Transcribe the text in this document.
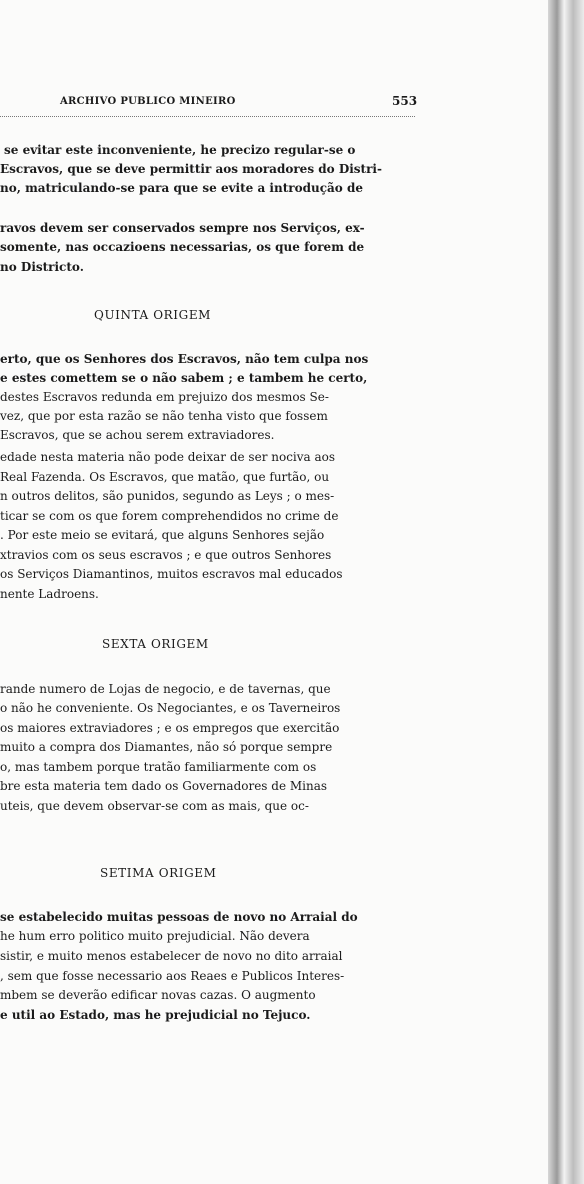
ARCHIVO PUBLICO MINEIRO	553
se evitar este inconveniente, he precizo regular-se o
Escravos, que se deve permittir aos moradores do Distri-
no, matriculando-se para que se evite a introdução de
ravos devem ser conservados sempre nos Serviços, ex-
somente, nas occazioens necessarias, os que forem de
no Districto.
QUINTA ORIGEM
erto, que os Senhores dos Escravos, não tem culpa nos
e estes comettem se o não sabem ; e tambem he certo,
destes Escravos redunda em prejuizo dos mesmos Se-
vez, que por esta razão se não tenha visto que fossem
Escravos, que se achou serem extraviadores.
edade nesta materia não pode deixar de ser nociva aos
Real Fazenda. Os Escravos, que matão, que furtão, ou
n outros delitos, são punidos, segundo as Leys ; o mes-
ticar se com os que forem comprehendidos no crime de
. Por este meio se evitará, que alguns Senhores sejão
xtravios com os seus escravos ; e que outros Senhores
os Serviços Diamantinos, muitos escravos mal educados
nente Ladroens.
SEXTA ORIGEM
rande numero de Lojas de negocio, e de tavernas, que
o não he conveniente. Os Negociantes, e os Taverneiros
os maiores extraviadores ; e os empregos que exercitão
muito a compra dos Diamantes, não só porque sempre
o, mas tambem porque tratão familiarmente com os
bre esta materia tem dado os Governadores de Minas
uteis, que devem observar-se com as mais, que oc-
SETIMA ORIGEM
se estabelecido muitas pessoas de novo no Arraial do
he hum erro politico muito prejudicial. Não devera
sistir, e muito menos estabelecer de novo no dito arraial
, sem que fosse necessario aos Reaes e Publicos Interes-
mbem se deverão edificar novas cazas. O augmento
e util ao Estado, mas he prejudicial no Tejuco.
